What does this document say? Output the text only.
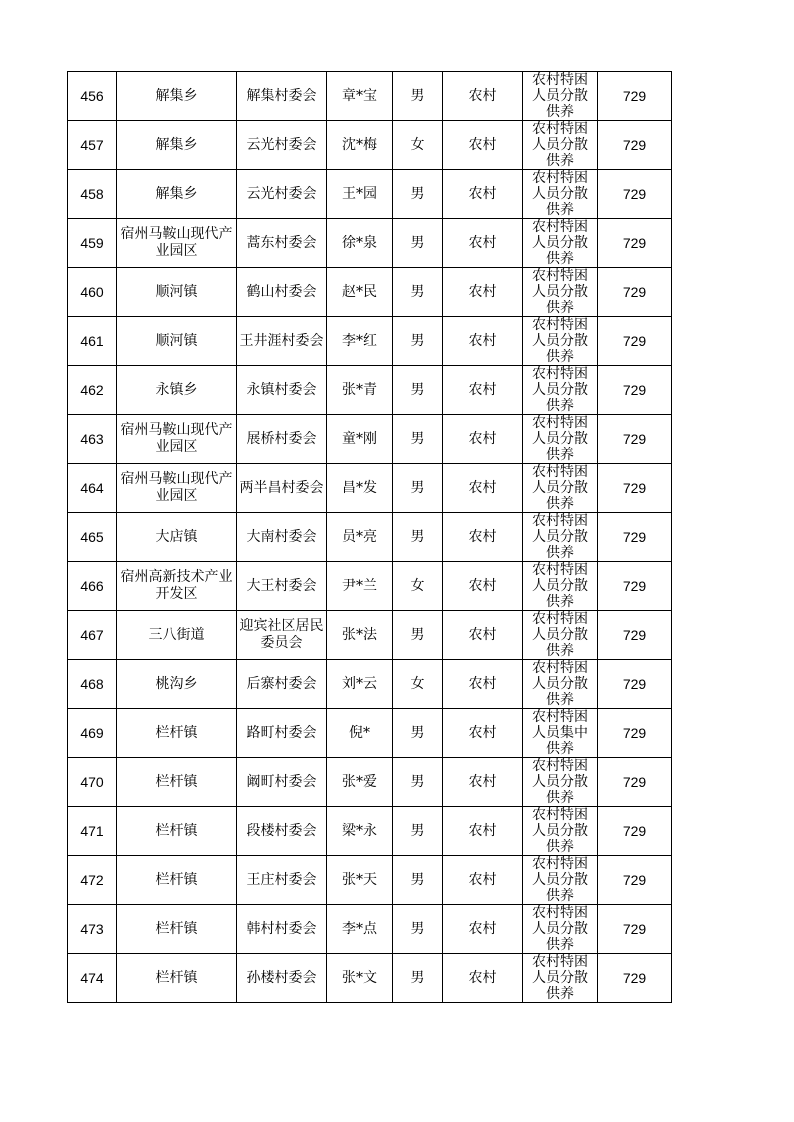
456	解集乡	解集村委会	章*宝	男	农村	农村特困人员分散供养	729
457	解集乡	云光村委会	沈*梅	女	农村	农村特困人员分散供养	729
458	解集乡	云光村委会	王*园	男	农村	农村特困人员分散供养	729
459	宿州马鞍山现代产业园区	蒿东村委会	徐*泉	男	农村	农村特困人员分散供养	729
460	顺河镇	鹤山村委会	赵*民	男	农村	农村特困人员分散供养	729
461	顺河镇	王井涯村委会	李*红	男	农村	农村特困人员分散供养	729
462	永镇乡	永镇村委会	张*青	男	农村	农村特困人员分散供养	729
463	宿州马鞍山现代产业园区	展桥村委会	童*刚	男	农村	农村特困人员分散供养	729
464	宿州马鞍山现代产业园区	两半昌村委会	昌*发	男	农村	农村特困人员分散供养	729
465	大店镇	大南村委会	员*亮	男	农村	农村特困人员分散供养	729
466	宿州高新技术产业开发区	大王村委会	尹*兰	女	农村	农村特困人员分散供养	729
467	三八街道	迎宾社区居民委员会	张*法	男	农村	农村特困人员分散供养	729
468	桃沟乡	后寨村委会	刘*云	女	农村	农村特困人员分散供养	729
469	栏杆镇	路町村委会	倪*	男	农村	农村特困人员集中供养	729
470	栏杆镇	阚町村委会	张*爱	男	农村	农村特困人员分散供养	729
471	栏杆镇	段楼村委会	梁*永	男	农村	农村特困人员分散供养	729
472	栏杆镇	王庄村委会	张*天	男	农村	农村特困人员分散供养	729
473	栏杆镇	韩村村委会	李*点	男	农村	农村特困人员分散供养	729
474	栏杆镇	孙楼村委会	张*文	男	农村	农村特困人员分散供养	729
